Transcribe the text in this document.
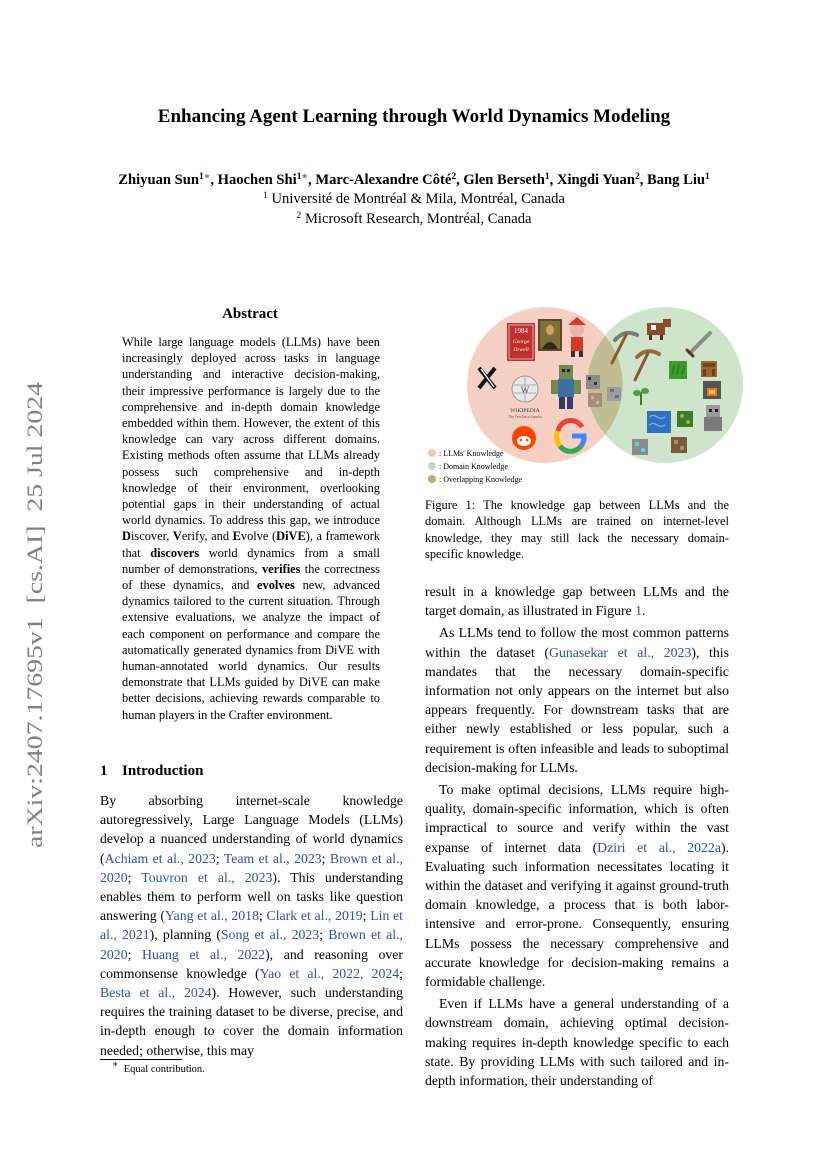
Enhancing Agent Learning through World Dynamics Modeling
Zhiyuan Sun$^{1∗}$, Haochen Shi$^{1∗}$, Marc-Alexandre Côté$^2$, Glen Berseth$^1$, Xingdi Yuan$^2$, Bang Liu$^1$
$^1$ Université de Montréal & Mila, Montréal, Canada
$^2$ Microsoft Research, Montréal, Canada
arXiv:2407.17695v1  [cs.AI]  25 Jul 2024
Abstract

While large language models (LLMs) have been increasingly deployed across tasks in language understanding and interactive decision-making, their impressive performance is largely due to the comprehensive and in-depth domain knowledge embedded within them. However, the extent of this knowledge can vary across different domains. Existing methods often assume that LLMs already possess such comprehensive and in-depth knowledge of their environment, overlooking potential gaps in their understanding of actual world dynamics. To address this gap, we introduce Discover, Verify, and Evolve (DiVE), a framework that discovers world dynamics from a small number of demonstrations, verifies the correctness of these dynamics, and evolves new, advanced dynamics tailored to the current situation. Through extensive evaluations, we analyze the impact of each component on performance and compare the automatically generated dynamics from DiVE with human-annotated world dynamics. Our results demonstrate that LLMs guided by DiVE can make better decisions, achieving rewards comparable to human players in the Crafter environment.

1 Introduction

By absorbing internet-scale knowledge autoregressively, Large Language Models (LLMs) develop a nuanced understanding of world dynamics (Achiam et al., 2023; Team et al., 2023; Brown et al., 2020; Touvron et al., 2023). This understanding enables them to perform well on tasks like question answering (Yang et al., 2018; Clark et al., 2019; Lin et al., 2021), planning (Song et al., 2023; Brown et al., 2020; Huang et al., 2022), and reasoning over commonsense knowledge (Yao et al., 2022, 2024; Besta et al., 2024). However, such understanding requires the training dataset to be diverse, precise, and in-depth enough to cover the domain information needed; otherwise, this may

∗ Equal contribution.
1984
George
Orwell
W
WIKIPEDIA
The Free Encyclopedia
: LLMs' Knowledge
: Domain Knowledge
: Overlapping Knowledge
Figure 1: The knowledge gap between LLMs and the domain. Although LLMs are trained on internet-level knowledge, they may still lack the necessary domain-specific knowledge.

result in a knowledge gap between LLMs and the target domain, as illustrated in Figure 1.

As LLMs tend to follow the most common patterns within the dataset (Gunasekar et al., 2023), this mandates that the necessary domain-specific information not only appears on the internet but also appears frequently. For downstream tasks that are either newly established or less popular, such a requirement is often infeasible and leads to suboptimal decision-making for LLMs.

To make optimal decisions, LLMs require high-quality, domain-specific information, which is often impractical to source and verify within the vast expanse of internet data (Dziri et al., 2022a). Evaluating such information necessitates locating it within the dataset and verifying it against ground-truth domain knowledge, a process that is both labor-intensive and error-prone. Consequently, ensuring LLMs possess the necessary comprehensive and accurate knowledge for decision-making remains a formidable challenge.

Even if LLMs have a general understanding of a downstream domain, achieving optimal decision-making requires in-depth knowledge specific to each state. By providing LLMs with such tailored and in-depth information, their understanding of
